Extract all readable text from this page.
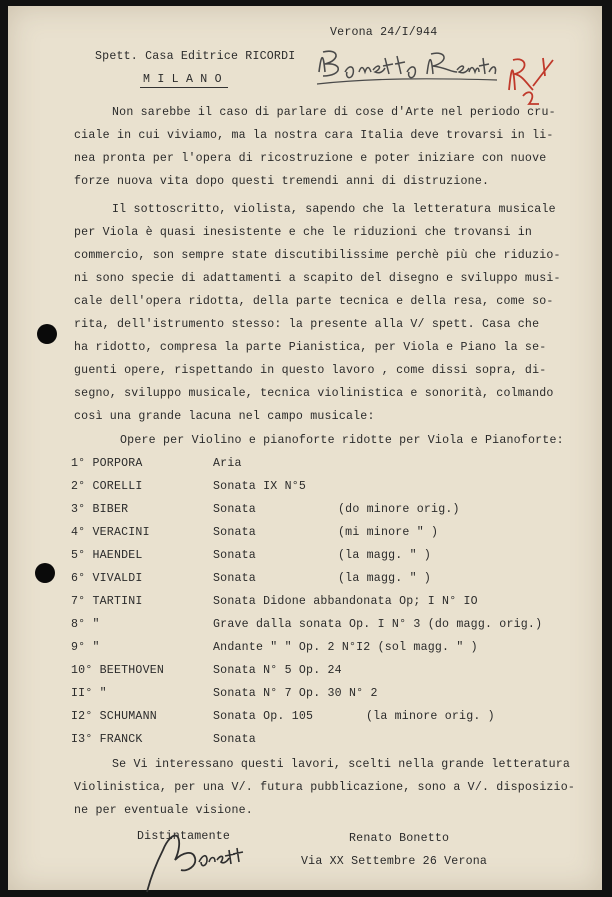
Verona 24/I/944
Spett. Casa Editrice RICORDI
M I L A N O
Non sarebbe il caso di parlare di cose d'Arte nel periodo cru-
ciale in cui viviamo, ma la nostra cara Italia deve trovarsi in li-
nea pronta per l'opera di ricostruzione e poter iniziare con nuove
forze nuova vita dopo questi tremendi anni di distruzione.
Il sottoscritto, violista, sapendo che la letteratura musicale
per Viola è quasi inesistente e che le riduzioni che trovansi in
commercio, son sempre state discutibilissime perchè più che riduzio-
ni sono specie di adattamenti a scapito del disegno e sviluppo musi-
cale dell'opera ridotta, della parte tecnica e della resa, come so-
rita, dell'istrumento stesso: la presente alla V/ spett. Casa che
ha ridotto, compresa la parte Pianistica, per Viola e Piano la se-
guenti opere, rispettando in questo lavoro , come dissi sopra, di-
segno, sviluppo musicale, tecnica violinistica e sonorità, colmando
così una grande lacuna nel campo musicale:
Opere per Violino e pianoforte ridotte per Viola e Pianoforte:
1° PORPORA	Aria
2° CORELLI	Sonata IX N°5
3° BIBER	Sonata	(do minore orig.)
4° VERACINI	Sonata	(mi minore " )
5° HAENDEL	Sonata	(la magg. " )
6° VIVALDI	Sonata	(la magg. " )
7° TARTINI	Sonata Didone abbandonata Op; I N° IO
8° "	Grave dalla sonata Op. I N° 3 (do magg. orig.)
9° "	Andante " " Op. 2 N°I2 (sol magg. " )
10° BEETHOVEN	Sonata N° 5 Op. 24
II° "	Sonata N° 7 Op. 30 N° 2
I2° SCHUMANN	Sonata Op. 105	(la minore orig. )
I3° FRANCK	Sonata
Se Vi interessano questi lavori, scelti nella grande letteratura
Violinistica, per una V/. futura pubblicazione, sono a V/. disposizio-
ne per eventuale visione.
Distintamente	Renato Bonetto
Via XX Settembre 26 Verona
